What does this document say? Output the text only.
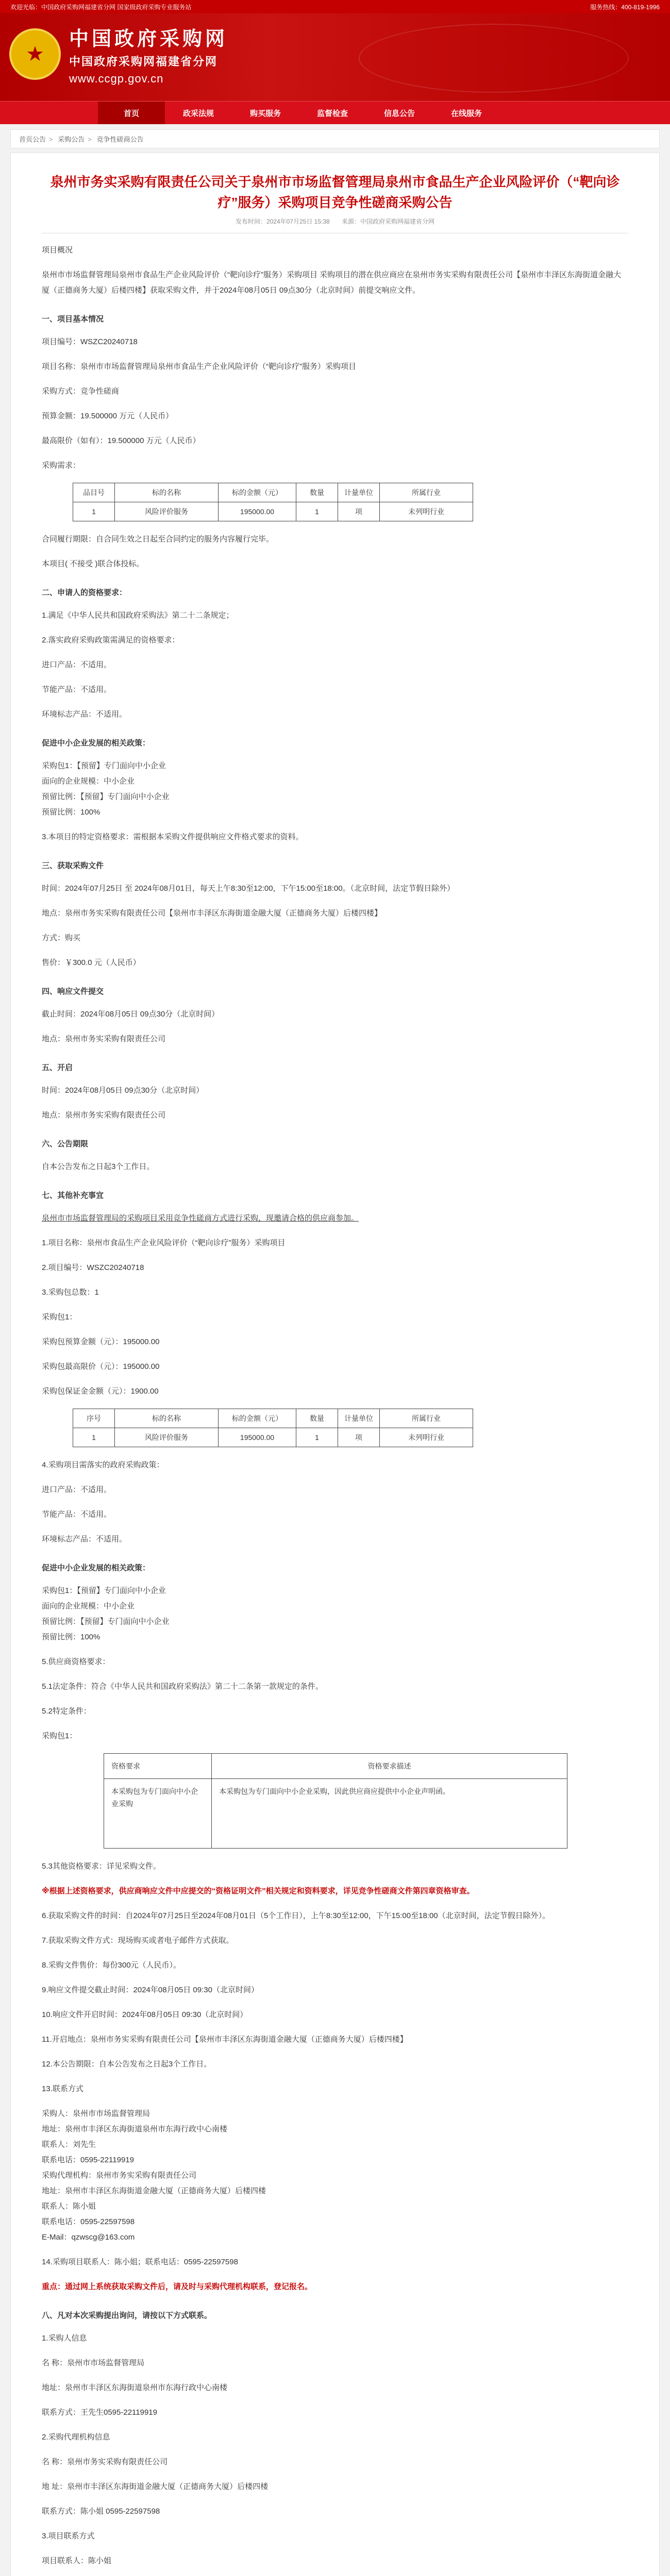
欢迎光临：中国政府采购网福建省分网 国家级政府采购专业服务站	服务热线：400-819-1996
★
中国政府采购网
中国政府采购网福建省分网
www.ccgp.gov.cn
首页	政采法规	购买服务	监督检查	信息公告	在线服务
首页公告 > 采购公告 > 竞争性磋商公告
泉州市务实采购有限责任公司关于泉州市市场监督管理局泉州市食品生产企业风险评价（“靶向诊疗”服务）采购项目竞争性磋商采购公告
发布时间：2024年07月25日 15:38 来源：中国政府采购网福建省分网

项目概况

泉州市市场监督管理局泉州市食品生产企业风险评价（“靶向诊疗”服务）采购项目 采购项目的潜在供应商应在泉州市务实采购有限责任公司【泉州市丰泽区东海街道金融大厦（正德商务大厦）后楼四楼】获取采购文件，并于2024年08月05日 09点30分（北京时间）前提交响应文件。

一、项目基本情况

项目编号：WSZC20240718

项目名称：泉州市市场监督管理局泉州市食品生产企业风险评价（“靶向诊疗”服务）采购项目

采购方式：竞争性磋商

预算金额：19.500000 万元（人民币）

最高限价（如有）：19.500000 万元（人民币）

采购需求：

品目号	标的名称	标的金额（元）	数量	计量单位	所属行业
1	风险评价服务	195000.00	1	项	未列明行业

合同履行期限：自合同生效之日起至合同约定的服务内容履行完毕。

本项目( 不接受 )联合体投标。

二、申请人的资格要求：

1.满足《中华人民共和国政府采购法》第二十二条规定；

2.落实政府采购政策需满足的资格要求：

进口产品：不适用。

节能产品：不适用。

环境标志产品：不适用。

促进中小企业发展的相关政策：

采购包1：【预留】专门面向中小企业

面向的企业规模：中小企业

预留比例：【预留】专门面向中小企业

预留比例：100%

3.本项目的特定资格要求：需根据本采购文件提供响应文件格式要求的资料。

三、获取采购文件

时间：2024年07月25日 至 2024年08月01日，每天上午8:30至12:00，下午15:00至18:00。（北京时间，法定节假日除外）

地点：泉州市务实采购有限责任公司【泉州市丰泽区东海街道金融大厦（正德商务大厦）后楼四楼】

方式：购买

售价：￥300.0 元（人民币）

四、响应文件提交

截止时间：2024年08月05日 09点30分（北京时间）

地点：泉州市务实采购有限责任公司

五、开启

时间：2024年08月05日 09点30分（北京时间）

地点：泉州市务实采购有限责任公司

六、公告期限

自本公告发布之日起3个工作日。

七、其他补充事宜

泉州市市场监督管理局的采购项目采用竞争性磋商方式进行采购，现邀请合格的供应商参加。

1.项目名称：泉州市食品生产企业风险评价（“靶向诊疗”服务）采购项目

2.项目编号：WSZC20240718

3.采购包总数：1

采购包1：

采购包预算金额（元）：195000.00

采购包最高限价（元）：195000.00

采购包保证金金额（元）：1900.00

序号	标的名称	标的金额（元）	数量	计量单位	所属行业
1	风险评价服务	195000.00	1	项	未列明行业

4.采购项目需落实的政府采购政策：

进口产品：不适用。

节能产品：不适用。

环境标志产品：不适用。

促进中小企业发展的相关政策：

采购包1：【预留】专门面向中小企业

面向的企业规模：中小企业

预留比例：【预留】专门面向中小企业

预留比例：100%

5.供应商资格要求：

5.1法定条件：符合《中华人民共和国政府采购法》第二十二条第一款规定的条件。

5.2特定条件：

采购包1：

资格要求	资格要求描述
本采购包为专门面向中小企业采购	本采购包为专门面向中小企业采购，因此供应商应提供中小企业声明函。

5.3其他资格要求：详见采购文件。

※根据上述资格要求，供应商响应文件中应提交的“资格证明文件”相关规定和资料要求，详见竞争性磋商文件第四章资格审查。

6.获取采购文件的时间：自2024年07月25日至2024年08月01日（5个工作日），上午8:30至12:00，下午15:00至18:00（北京时间，法定节假日除外）。

7.获取采购文件方式：现场购买或者电子邮件方式获取。

8.采购文件售价：每份300元（人民币）。

9.响应文件提交截止时间：2024年08月05日 09:30（北京时间）

10.响应文件开启时间：2024年08月05日 09:30（北京时间）

11.开启地点：泉州市务实采购有限责任公司【泉州市丰泽区东海街道金融大厦（正德商务大厦）后楼四楼】

12.本公告期限：自本公告发布之日起3个工作日。

13.联系方式

采购人：泉州市市场监督管理局

地址：泉州市丰泽区东海街道泉州市东海行政中心南楼

联系人：刘先生

联系电话：0595-22119919

采购代理机构：泉州市务实采购有限责任公司

地址：泉州市丰泽区东海街道金融大厦（正德商务大厦）后楼四楼

联系人：陈小姐

联系电话：0595-22597598

E-Mail：qzwscg@163.com

14.采购项目联系人：陈小姐；联系电话：0595-22597598

重点：通过网上系统获取采购文件后，请及时与采购代理机构联系，登记报名。

八、凡对本次采购提出询问，请按以下方式联系。

1.采购人信息

名 称：泉州市市场监督管理局

地址：泉州市丰泽区东海街道泉州市东海行政中心南楼

联系方式：王先生0595-22119919

2.采购代理机构信息

名 称：泉州市务实采购有限责任公司

地 址：泉州市丰泽区东海街道金融大厦（正德商务大厦）后楼四楼

联系方式：陈小姐 0595-22597598

3.项目联系方式

项目联系人：陈小姐
